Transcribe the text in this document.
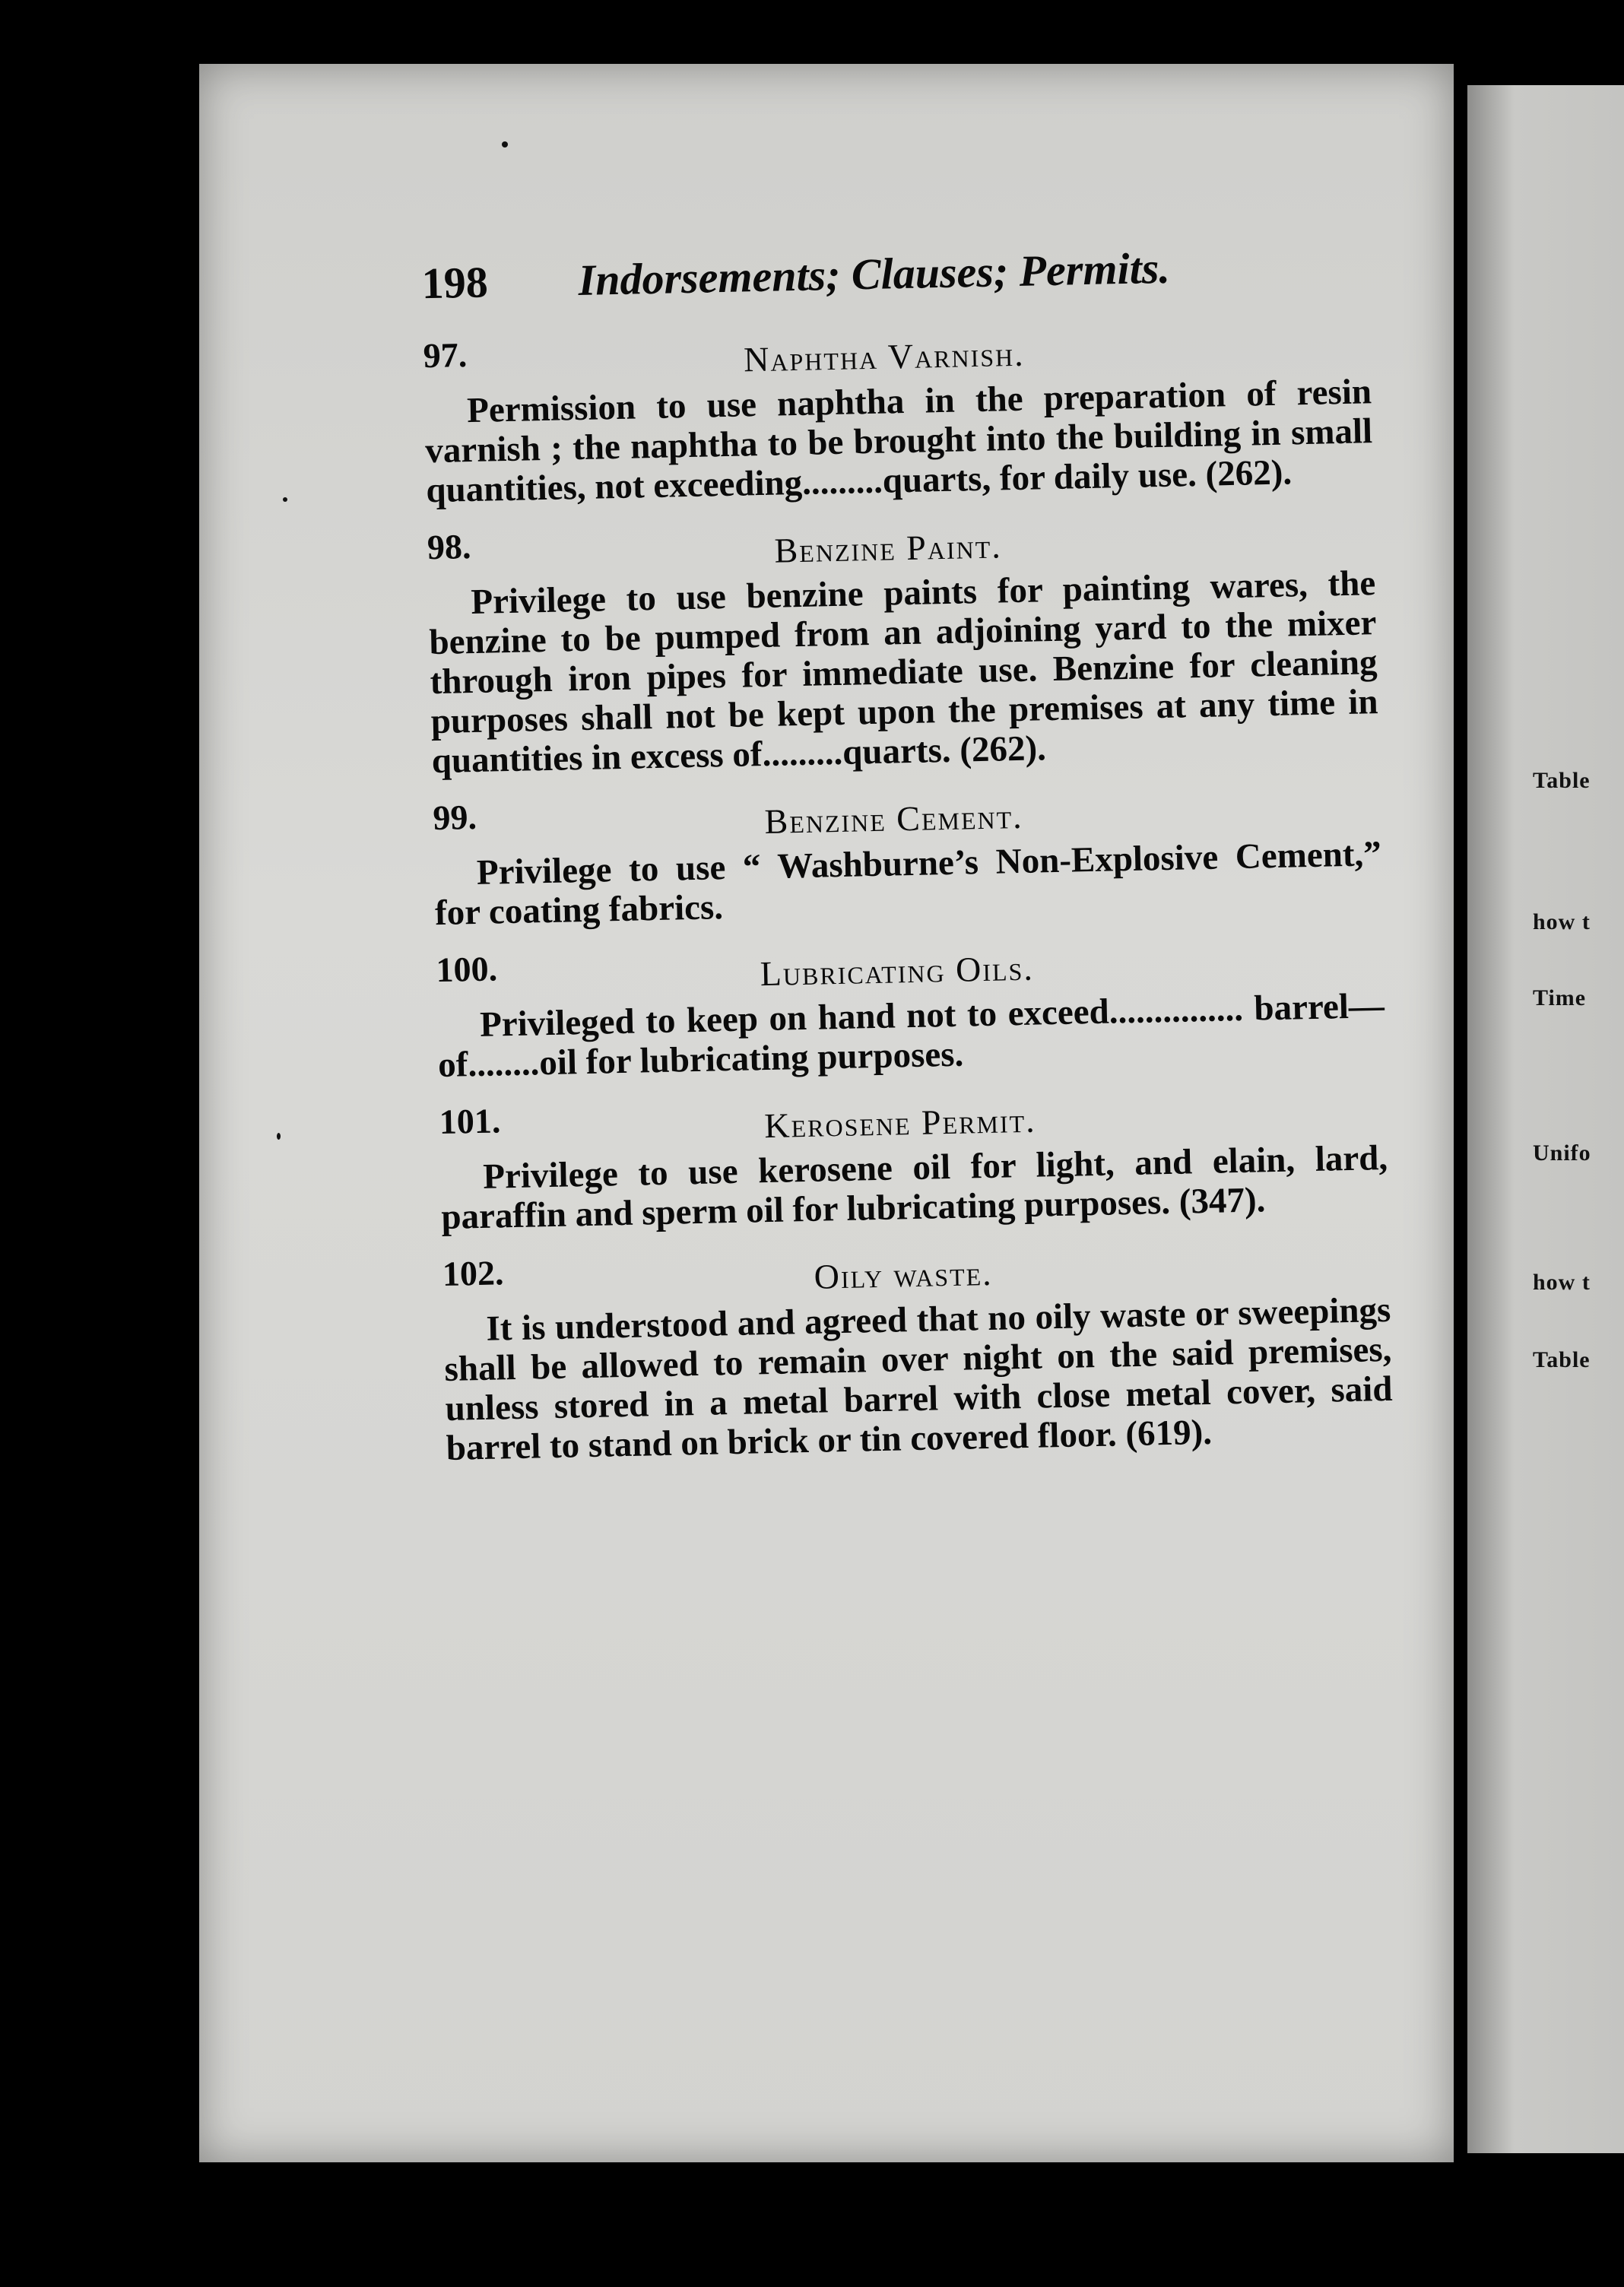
Table
how t
Time
Unifo
how t
Table
198 Indorsements; Clauses; Permits.
97.	Naphtha Varnish.
Permission to use naphtha in the preparation of resin varnish ; the naphtha to be brought into the building in small quantities, not exceeding.........quarts, for daily use. (262).
98.	Benzine Paint.
Privilege to use benzine paints for painting wares, the benzine to be pumped from an adjoining yard to the mixer through iron pipes for immediate use. Benzine for cleaning purposes shall not be kept upon the premises at any time in quantities in excess of.........quarts. (262).
99.	Benzine Cement.
Privilege to use “ Washburne’s Non-Explosive Cement,” for coating fabrics.
100.	Lubricating Oils.
Privileged to keep on hand not to exceed............... barrel—of........oil for lubricating purposes.
101.	Kerosene Permit.
Privilege to use kerosene oil for light, and elain, lard, paraffin and sperm oil for lubricating purposes. (347).
102.	Oily waste.
It is understood and agreed that no oily waste or sweepings shall be allowed to remain over night on the said premises, unless stored in a metal barrel with close metal cover, said barrel to stand on brick or tin covered floor. (619).
